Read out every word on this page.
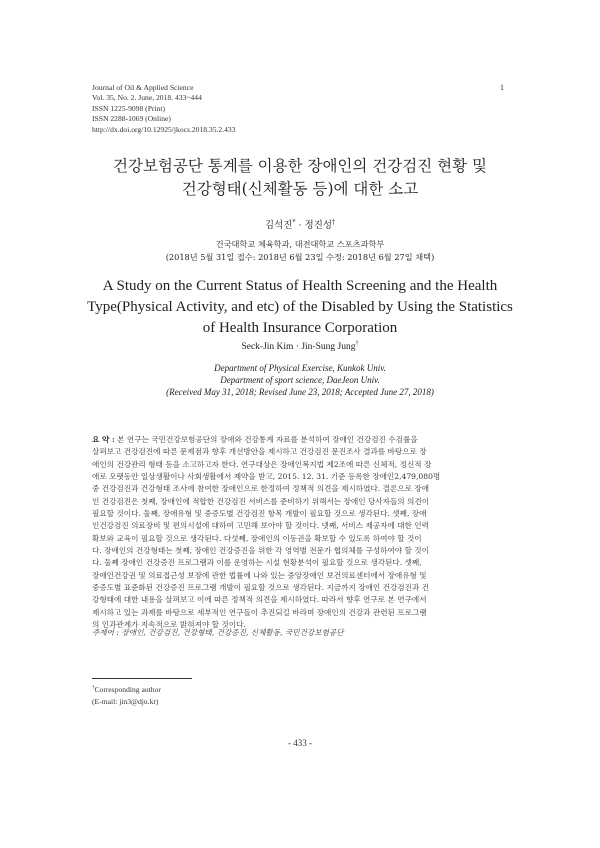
Journal of Oil & Applied Science
Vol. 35, No. 2. June, 2018. 433~444
ISSN 1225-9098 (Print)
ISSN 2288-1069 (Online)
http://dx.doi.org/10.12925/jkocs.2018.35.2.433
1
건강보험공단 통계를 이용한 장애인의 건강검진 현황 및
건강형태(신체활동 등)에 대한 소고
김석진* · 정진성†
건국대학교 체육학과, 대전대학교 스포츠과학부
(2018년 5월 31일 접수: 2018년 6월 23일 수정: 2018년 6월 27일 채택)
A Study on the Current Status of Health Screening and the Health
Type(Physical Activity, and etc) of the Disabled by Using the Statistics
of Health Insurance Corporation
Seck-Jin Kim · Jin-Sung Jung†
Department of Physical Exercise, Kunkok Univ.
Department of sport science, DaeJeon Univ.
(Received May 31, 2018; Revised June 23, 2018; Accepted June 27, 2018)
요 약 : 본 연구는 국민건강보험공단의 장애와 건강통계 자료를 분석하여 장애인 건강검진 수검률을
살펴보고 건강검진에 따른 문제점과 향후 개선방안을 제시하고 건강검진 문진조사 결과를 바탕으로 장
애인의 건강관리 형태 등을 소고하고자 한다. 연구대상은 장애인복지법 제2조에 따른 신체적, 정신적 장
애로 오랫동안 일상생활이나 사회생활에서 제약을 받고, 2015. 12. 31. 기준 등록한 장애인2,479,080명
중 건강검진과 건강형태 조사에 참여한 장애인으로 한정하여 정책적 의견을 제시하였다. 결론으로 장애
인 건강검진은 첫째, 장애인에 적합한 건강검진 서비스를 준비하기 위해서는 장애인 당사자들의 의견이
필요할 것이다. 둘째, 장애유형 및 중증도별 건강검진 항목 개발이 필요할 것으로 생각된다. 셋째, 장애
인건강검진 의료장비 및 편의시설에 대하여 고민해 보아야 할 것이다. 넷째, 서비스 제공자에 대한 인력
확보와 교육이 필요할 것으로 생각된다. 다섯째, 장애인의 이동권을 확보할 수 있도록 하여야 할 것이
다. 장애인의 건강형태는 첫째, 장애인 건강증진을 위한 각 영역별 전문가 협의체를 구성하여야 할 것이
다. 둘째 장애인 건강증진 프로그램과 이를 운영하는 시설 현황분석이 필요할 것으로 생각된다. 셋째,
장애인건강권 및 의료접근성 보장에 관한 법률에 나와 있는 중앙장애인 보건의료센터에서 장애유형 및
중증도별 표준화된 건강증진 프로그램 개발이 필요할 것으로 생각된다. 지금까지 장애인 건강검진과 건
강형태에 대한 내용을 살펴보고 이에 따른 정책적 의견을 제시하였다. 따라서 향후 연구로 본 연구에서
제시하고 있는 과제를 바탕으로 세부적인 연구들이 추진되길 바라며 장애인의 건강과 관련된 프로그램
의 인과관계가 지속적으로 밝혀져야 할 것이다.
주제어 : 장애인, 건강검진, 건강형태, 건강증진, 신체활동, 국민건강보험공단
†Corresponding author
(E-mail: jin3@dju.kr)
- 433 -
